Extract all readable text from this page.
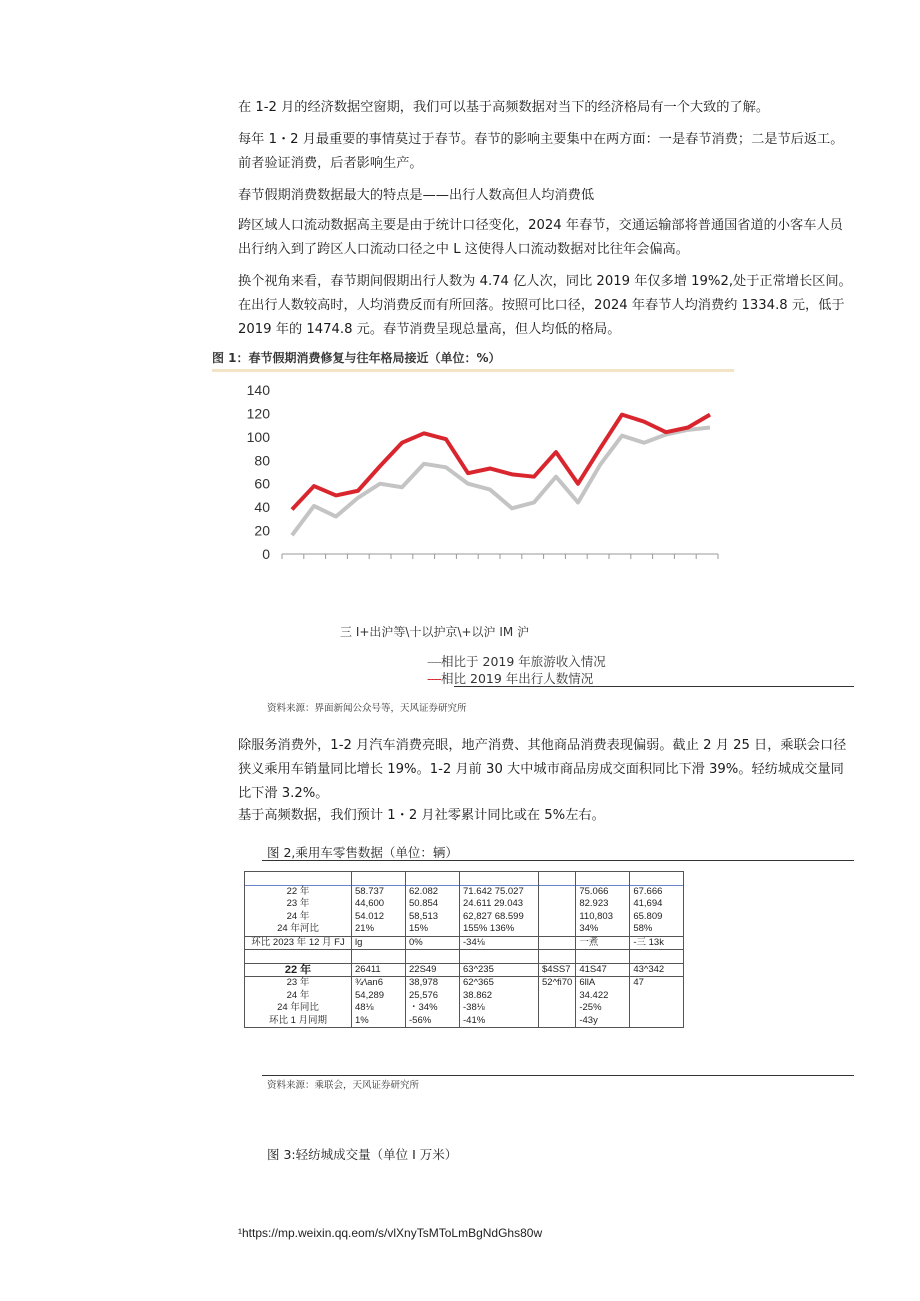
在 1-2 月的经济数据空窗期，我们可以基于高频数据对当下的经济格局有一个大致的了解。

每年 1・2 月最重要的事情莫过于春节。春节的影响主要集中在两方面：一是春节消费；二是节后返工。前者验证消费，后者影响生产。

春节假期消费数据最大的特点是——出行人数高但人均消费低

跨区域人口流动数据高主要是由于统计口径变化，2024 年春节，交通运输部将普通国省道的小客车人员出行纳入到了跨区人口流动口径之中 L 这使得人口流动数据对比往年会偏高。

换个视角来看，春节期间假期出行人数为 4.74 亿人次，同比 2019 年仅多增 19%2,处于正常增长区间。在出行人数较高时，人均消费反而有所回落。按照可比口径，2024 年春节人均消费约 1334.8 元，低于 2019 年的 1474.8 元。春节消费呈现总量高，但人均低的格局。

图 1：春节假期消费修复与往年格局接近（单位：%）
0
20
40
60
80
100
120
140
三 I+出沪等\十以护京\+以沪 IM 沪
----相比于 2019 年旅游收入情况
----相比 2019 年出行人数情况
资料来源：界面新闻公众号等，天风证券研究所

除服务消费外，1-2 月汽车消费亮眼，地产消费、其他商品消费表现偏弱。截止 2 月 25 日，乘联会口径狭义乘用车销量同比增长 19%。1-2 月前 30 大中城市商品房成交面积同比下滑 39%。轻纺城成交量同比下滑 3.2%。

基于高频数据，我们预计 1・2 月社零累计同比或在 5%左右。

图 2,乘用车零售数据（单位：辆）

22 年	58.737	62.082	71.642 75.027		75.066	67.666
23 年	44,600	50.854	24.611 29.043		82.923	41,694
24 年	54.012	58,513	62,827 68.599		110,803	65.809
24 年河比	21%	15%	155% 136%		34%	58%
环比 2023 年 12 月 FJ	lg	0%	-34⅛		一煮	-三 13k

22 年	26411	22S49	63^235	$4SS7	41S47	43^342
23 年	¾⁄\an6	38,978	62^365	52^fi70	6llA	47
24 年	54,289	25,576	38.862		34.422	
24 年同比	48⅛	・34%	-38⅛		-25%	
环比 1 月同期	1%	-56%	-41%		-43y	
资料来源：乘联会，天风证券研究所
图 3:轻纺城成交量（单位 I 万米）
¹https://mp.weixin.qq.eom/s/vlXnyTsMToLmBgNdGhs80w
